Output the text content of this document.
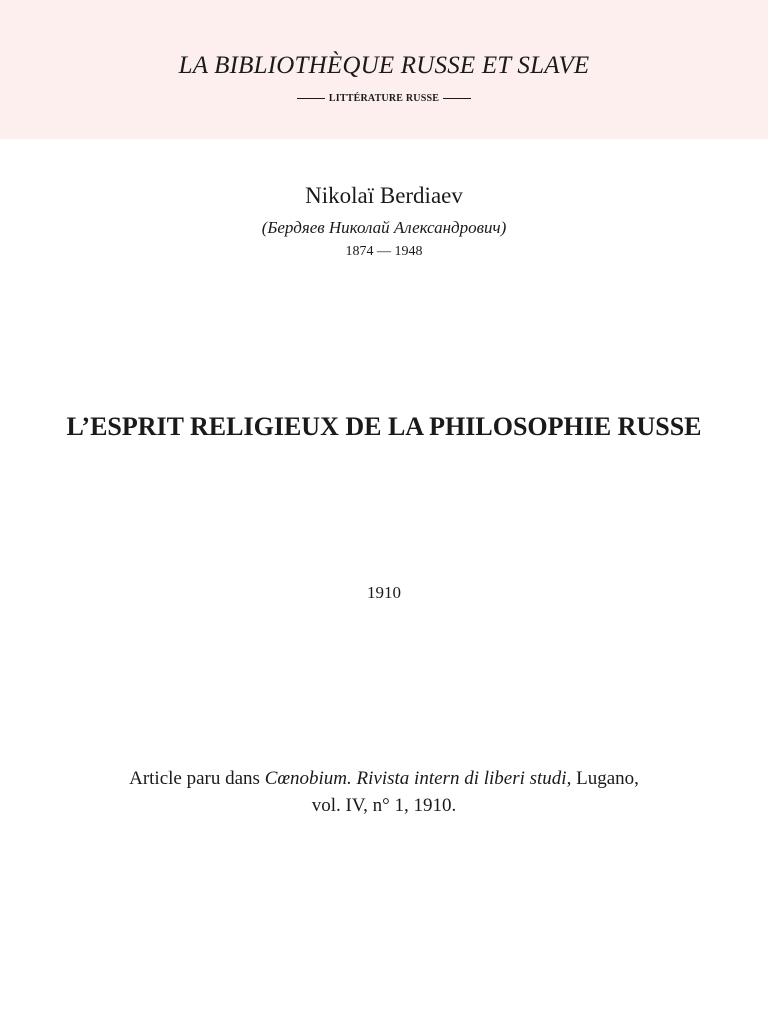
LA BIBLIOTHÈQUE RUSSE ET SLAVE
LITTÉRATURE RUSSE
Nikolaï Berdiaev
(Бердяев Николай Александрович)
1874 — 1948
L’ESPRIT RELIGIEUX DE LA PHILOSOPHIE RUSSE
1910
Article paru dans Cœnobium. Rivista intern di liberi studi, Lugano,
vol. IV, n° 1, 1910.
